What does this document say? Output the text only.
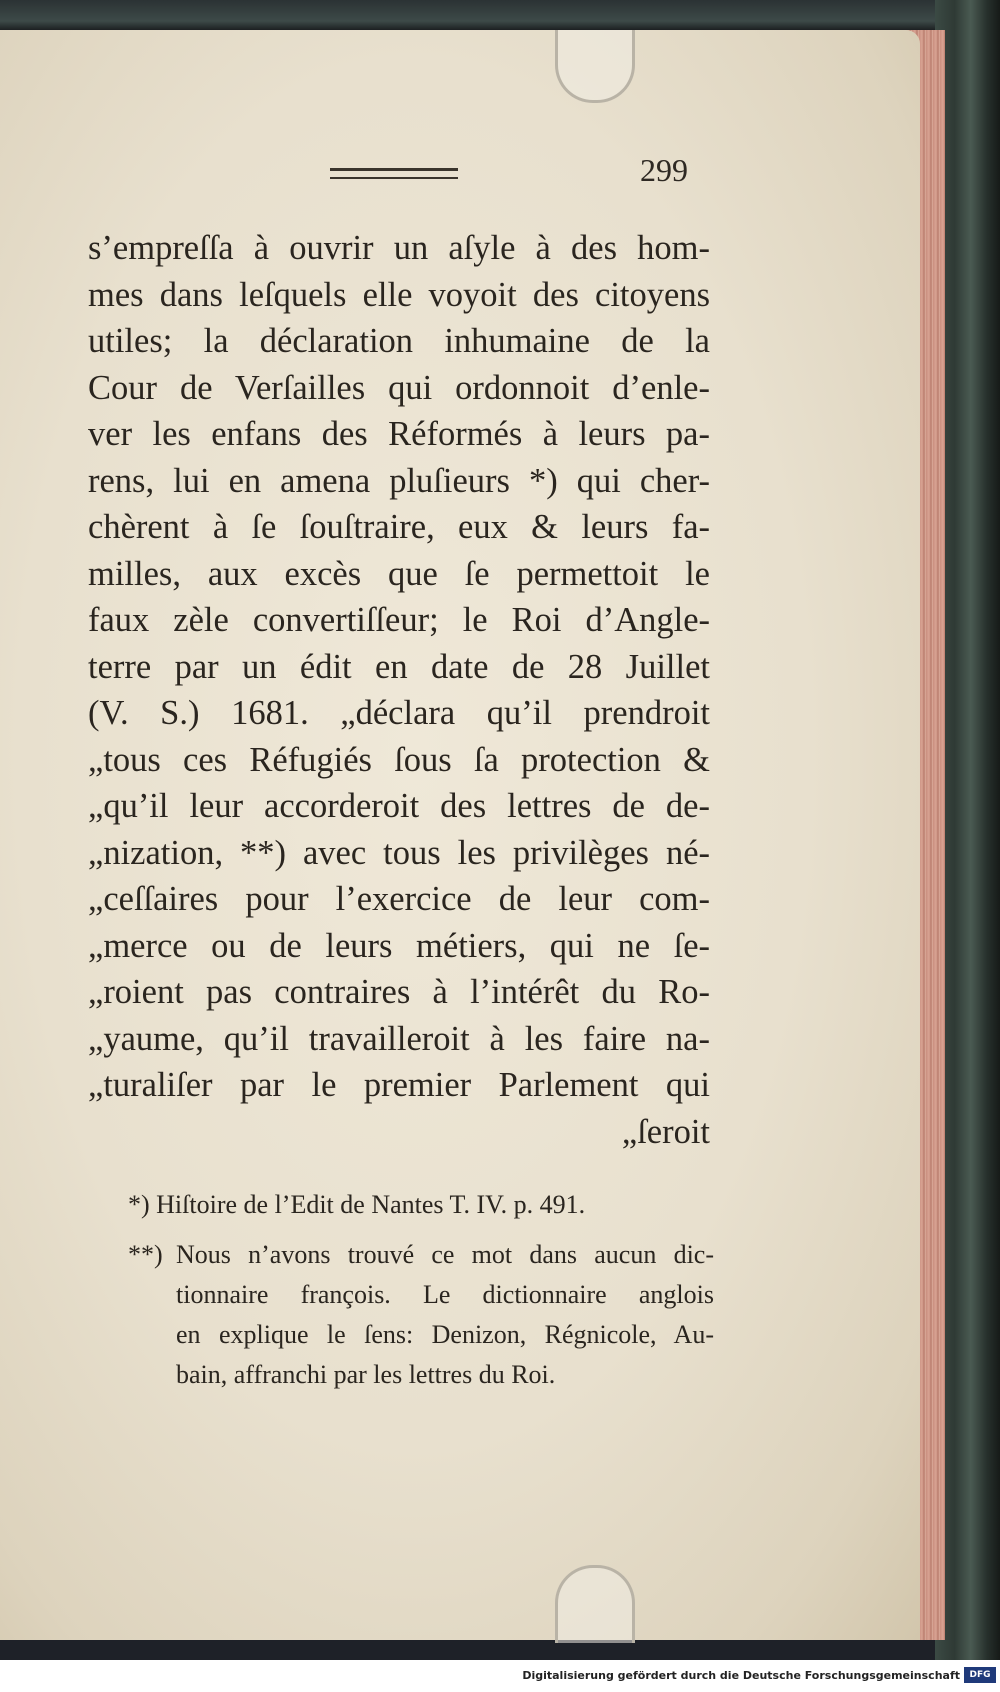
299
s’empreſſa à ouvrir un aſyle à des hom-
mes dans leſquels elle voyoit des citoyens
utiles; la déclaration inhumaine de la
Cour de Verſailles qui ordonnoit d’enle-
ver les enfans des Réformés à leurs pa-
rens, lui en amena pluſieurs *) qui cher-
chèrent à ſe ſouſtraire, eux & leurs fa-
milles, aux excès que ſe permettoit le
faux zèle convertiſſeur; le Roi d’Angle-
terre par un édit en date de 28 Juillet
(V. S.) 1681. „déclara qu’il prendroit
„tous ces Réfugiés ſous ſa protection &
„qu’il leur accorderoit des lettres de de-
„nization, **) avec tous les privilèges né-
„ceſſaires pour l’exercice de leur com-
„merce ou de leurs métiers, qui ne ſe-
„roient pas contraires à l’intérêt du Ro-
„yaume, qu’il travailleroit à les faire na-
„turaliſer par le premier Parlement qui
„ſeroit
*) Hiſtoire de l’Edit de Nantes T. IV. p. 491.
**) Nous n’avons trouvé ce mot dans aucun dic-
tionnaire françois. Le dictionnaire anglois
en explique le ſens: Denizon, Régnicole, Au-
bain, affranchi par les lettres du Roi.
Digitalisierung gefördert durch die Deutsche Forschungsgemeinschaft	DFG
